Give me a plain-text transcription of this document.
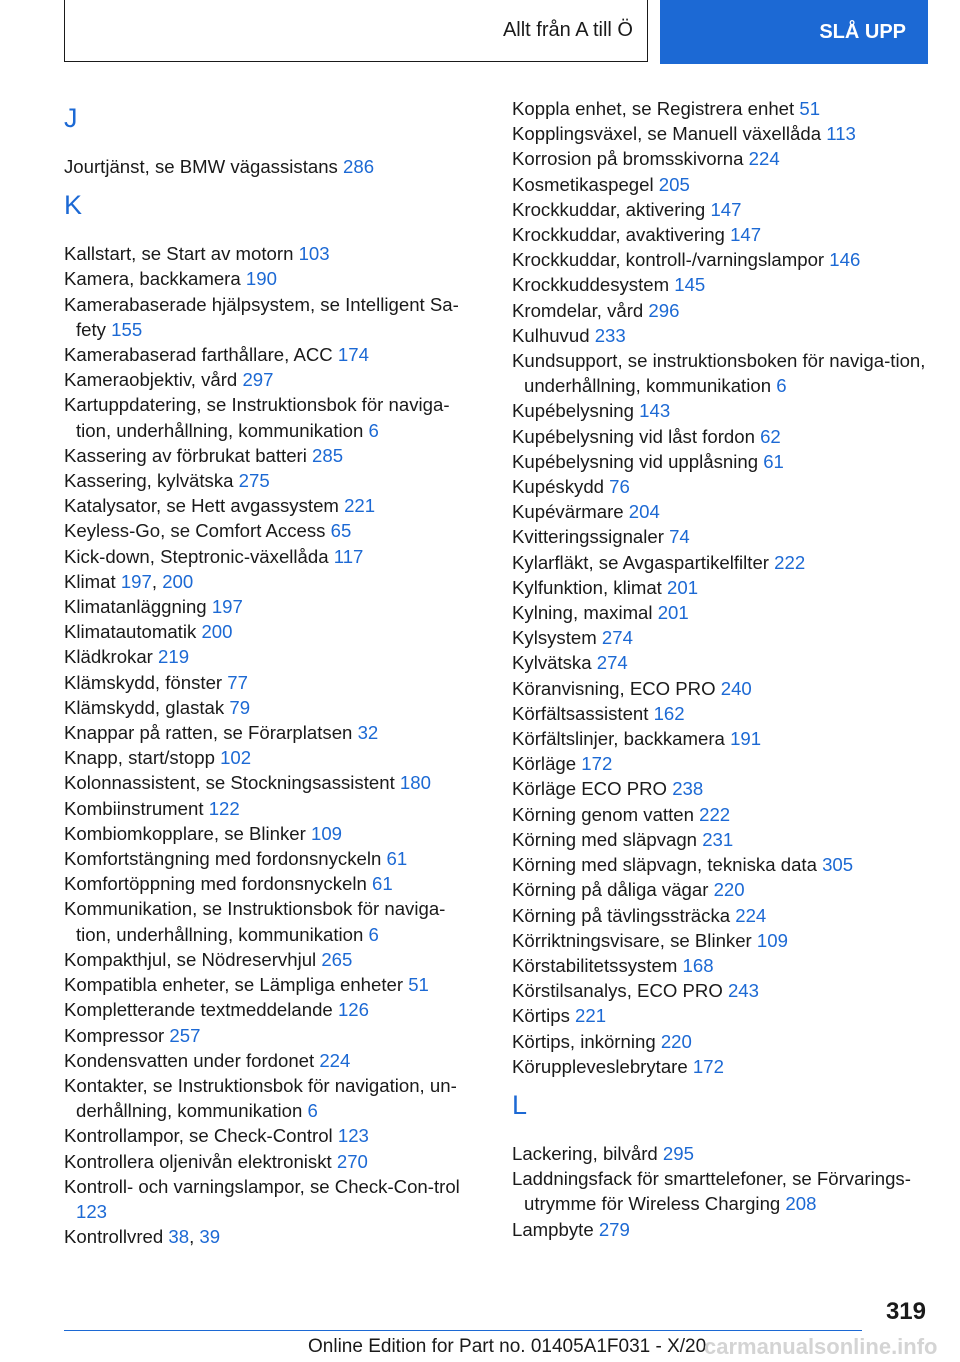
Allt från A till Ö	SLÅ UPP
J
Jourtjänst, se BMW vägassistans 286
K
Kallstart, se Start av motorn 103
Kamera, backkamera 190
Kamerabaserade hjälpsystem, se Intelligent Sa-fety 155
Kamerabaserad farthållare, ACC 174
Kameraobjektiv, vård 297
Kartuppdatering, se Instruktionsbok för naviga-tion, underhållning, kommunikation 6
Kassering av förbrukat batteri 285
Kassering, kylvätska 275
Katalysator, se Hett avgassystem 221
Keyless-Go, se Comfort Access 65
Kick-down, Steptronic-växellåda 117
Klimat 197, 200
Klimatanläggning 197
Klimatautomatik 200
Klädkrokar 219
Klämskydd, fönster 77
Klämskydd, glastak 79
Knappar på ratten, se Förarplatsen 32
Knapp, start/stopp 102
Kolonnassistent, se Stockningsassistent 180
Kombiinstrument 122
Kombiomkopplare, se Blinker 109
Komfortstängning med fordonsnyckeln 61
Komfortöppning med fordonsnyckeln 61
Kommunikation, se Instruktionsbok för naviga-tion, underhållning, kommunikation 6
Kompakthjul, se Nödreservhjul 265
Kompatibla enheter, se Lämpliga enheter 51
Kompletterande textmeddelande 126
Kompressor 257
Kondensvatten under fordonet 224
Kontakter, se Instruktionsbok för navigation, un-derhållning, kommunikation 6
Kontrollampor, se Check-Control 123
Kontrollera oljenivån elektroniskt 270
Kontroll- och varningslampor, se Check-Con-trol 123
Kontrollvred 38, 39
Koppla enhet, se Registrera enhet 51
Kopplingsväxel, se Manuell växellåda 113
Korrosion på bromsskivorna 224
Kosmetikaspegel 205
Krockkuddar, aktivering 147
Krockkuddar, avaktivering 147
Krockkuddar, kontroll-/varningslampor 146
Krockkuddesystem 145
Kromdelar, vård 296
Kulhuvud 233
Kundsupport, se instruktionsboken för naviga-tion, underhållning, kommunikation 6
Kupébelysning 143
Kupébelysning vid låst fordon 62
Kupébelysning vid upplåsning 61
Kupéskydd 76
Kupévärmare 204
Kvitteringssignaler 74
Kylarfläkt, se Avgaspartikelfilter 222
Kylfunktion, klimat 201
Kylning, maximal 201
Kylsystem 274
Kylvätska 274
Köranvisning, ECO PRO 240
Körfältsassistent 162
Körfältslinjer, backkamera 191
Körläge 172
Körläge ECO PRO 238
Körning genom vatten 222
Körning med släpvagn 231
Körning med släpvagn, tekniska data 305
Körning på dåliga vägar 220
Körning på tävlingssträcka 224
Körriktningsvisare, se Blinker 109
Körstabilitetssystem 168
Körstilsanalys, ECO PRO 243
Körtips 221
Körtips, inkörning 220
Köruppleveslebrytare 172
L
Lackering, bilvård 295
Laddningsfack för smarttelefoner, se Förvarings-utrymme för Wireless Charging 208
Lampbyte 279
319
Online Edition for Part no. 01405A1F031 - X/20
carmanualsonline.info
